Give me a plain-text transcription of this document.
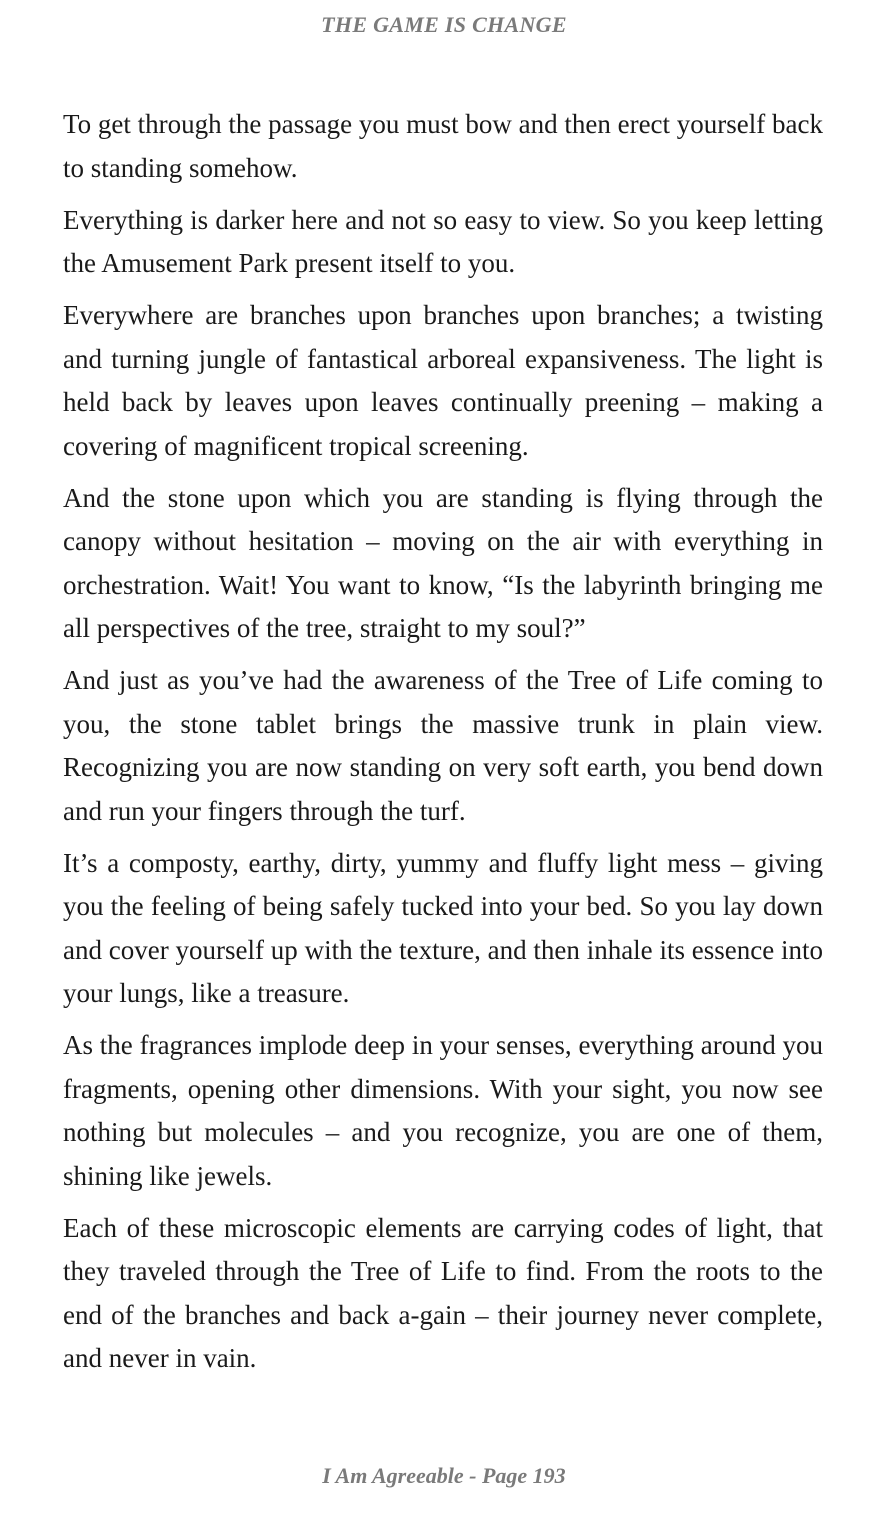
THE GAME IS CHANGE

To get through the passage you must bow and then erect yourself back to standing somehow.

Everything is darker here and not so easy to view. So you keep letting the Amusement Park present itself to you.

Everywhere are branches upon branches upon branches; a twisting and turning jungle of fantastical arboreal expansiveness. The light is held back by leaves upon leaves continually preening – making a covering of magnificent tropical screening.

And the stone upon which you are standing is flying through the canopy without hesitation – moving on the air with everything in orchestration. Wait! You want to know, “Is the labyrinth bringing me all perspectives of the tree, straight to my soul?”

And just as you’ve had the awareness of the Tree of Life coming to you, the stone tablet brings the massive trunk in plain view. Recognizing you are now standing on very soft earth, you bend down and run your fingers through the turf.

It’s a composty, earthy, dirty, yummy and fluffy light mess – giving you the feeling of being safely tucked into your bed. So you lay down and cover yourself up with the texture, and then inhale its essence into your lungs, like a treasure.

As the fragrances implode deep in your senses, everything around you fragments, opening other dimensions. With your sight, you now see nothing but molecules – and you recognize, you are one of them, shining like jewels.

Each of these microscopic elements are carrying codes of light, that they traveled through the Tree of Life to find. From the roots to the end of the branches and back a-gain – their journey never complete, and never in vain.

I Am Agreeable - Page 193
